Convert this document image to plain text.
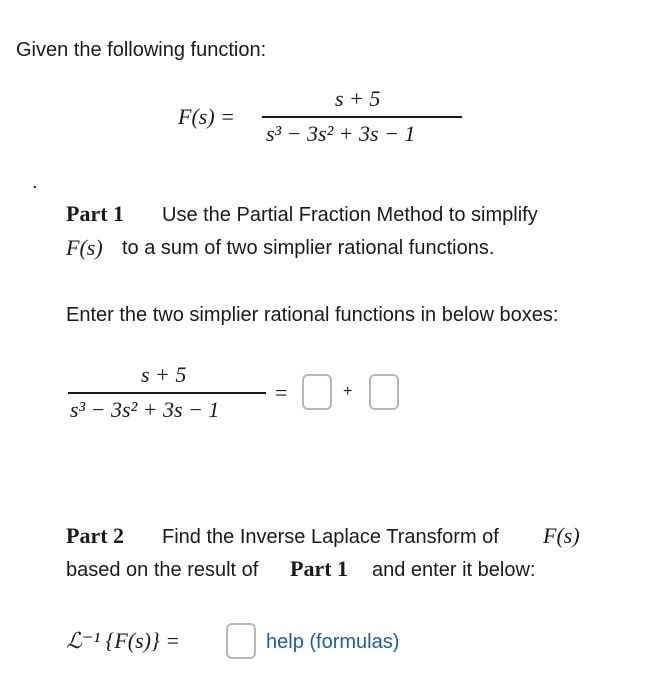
Given the following function:
F(s) =
s + 5
s³ − 3s² + 3s − 1
.
Part 1 Use the Partial Fraction Method to simplify
F(s) to a sum of two simplier rational functions.
Enter the two simplier rational functions in below boxes:
s + 5
s³ − 3s² + 3s − 1
=	+
Part 2 Find the Inverse Laplace Transform of F(s)
based on the result of Part 1 and enter it below:
ℒ⁻¹ {F(s)} =	help (formulas)
